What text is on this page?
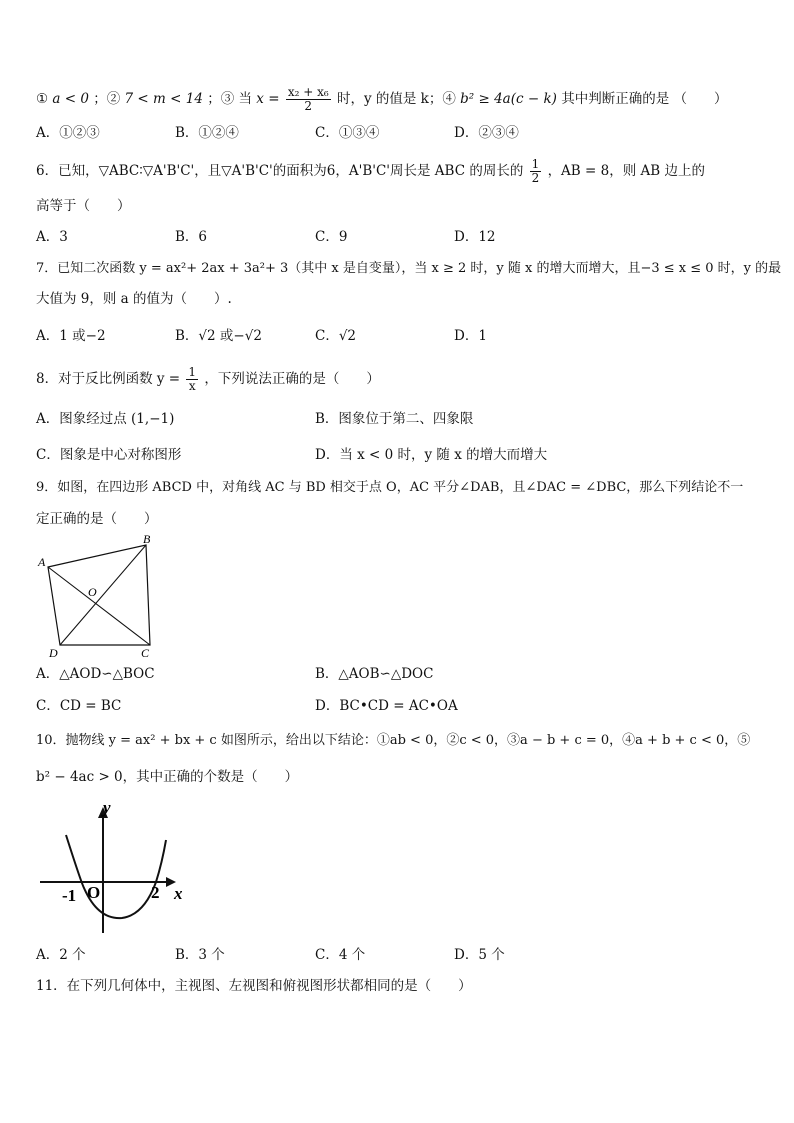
① a < 0 ；② 7 < m < 14 ；③ 当 $x = \frac{\text{x₂ + x₆}}{2}$ 时，y 的值是 k；④ b² ≥ 4a(c − k) 其中判断正确的是 （　　）
A．①②③	B．①②④	C．①③④	D．②③④
6．已知，▽ABC∶▽A'B'C'，且▽A'B'C'的面积为6，A'B'C'周长是 ABC 的周长的 $\frac{1}{2}$ ，AB = 8，则 AB 边上的
高等于（　　）
A．3	B．6	C．9	D．12
7．已知二次函数 y = ax²+ 2ax + 3a²+ 3（其中 x 是自变量），当 x ≥ 2 时，y 随 x 的增大而增大，且−3 ≤ x ≤ 0 时，y 的最
大值为 9，则 a 的值为（　　）.
A．1 或−2	B．√2 或−√2	C．√2	D．1
8．对于反比例函数 $y = \frac{1}{x}$ ，下列说法正确的是（　　）
A．图象经过点 (1,−1)	B．图象位于第二、四象限
C．图象是中心对称图形	D．当 x < 0 时，y 随 x 的增大而增大
9．如图，在四边形 ABCD 中，对角线 AC 与 BD 相交于点 O，AC 平分∠DAB，且∠DAC = ∠DBC，那么下列结论不一
定正确的是（　　）
A
B
C
D
O
A．△AOD∽△BOC	B．△AOB∽△DOC
C．CD = BC	D．BC•CD = AC•OA
10．抛物线 y = ax² + bx + c 如图所示，给出以下结论：①ab < 0，②c < 0，③a − b + c = 0，④a + b + c < 0，⑤
b² − 4ac > 0，其中正确的个数是（　　）
y
x
-1 O	2
A．2 个	B．3 个	C．4 个	D．5 个
11．在下列几何体中，主视图、左视图和俯视图形状都相同的是（　　）
